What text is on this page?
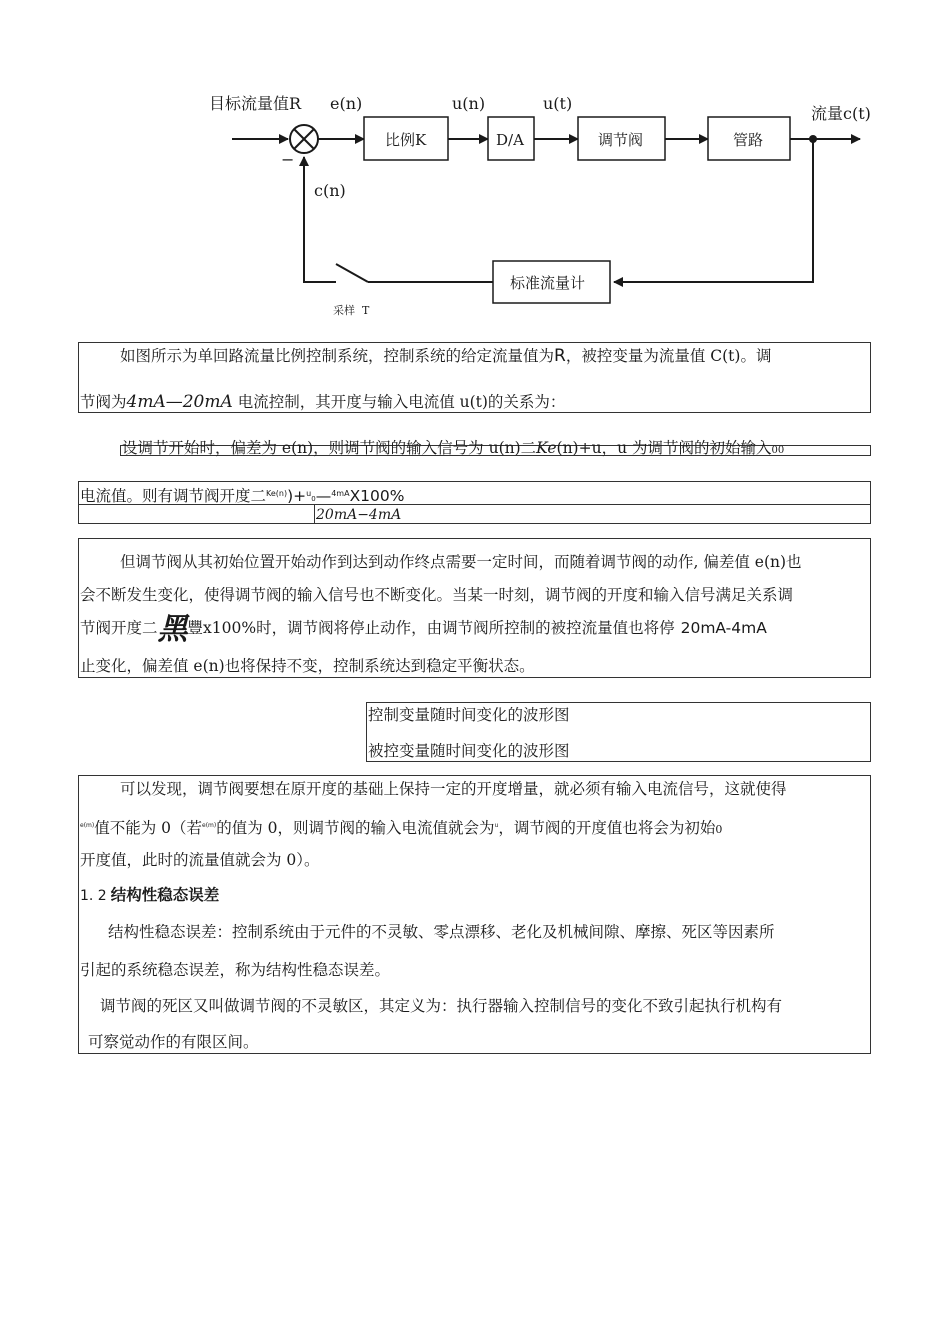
目标流量值R e(n)	u(n)	u(t)
流量c(t)
−
c(n)
比例K	D/A	调节阀	管路
标准流量计
采样  T
如图所示为单回路流量比例控制系统，控制系统的给定流量值为R，被控变量为流量值 C(t)。调
节阀为4mA—20mA 电流控制，其开度与输入电流值 u(t)的关系为：
设调节开始时，偏差为 e(n)，则调节阀的输入信号为 u(n)二Ke(n)+u，u 为调节阀的初始输入00
电流值。则有调节阀开度二$^{Ke(n)}$)+$^u$0—$^{4mA}$X100%
20mA−4mA
但调节阀从其初始位置开始动作到达到动作终点需要一定时间，而随着调节阀的动作, 偏差值 e(n)也
会不断发生变化，使得调节阀的输入信号也不断变化。当某一时刻，调节阀的开度和输入信号满足关系调
节阀开度二黑豐x100%时，调节阀将停止动作，由调节阀所控制的被控流量值也将停 20mA-4mA
止变化，偏差值 e(n)也将保持不变，控制系统达到稳定平衡状态。
控制变量随时间变化的波形图
被控变量随时间变化的波形图
可以发现，调节阀要想在原开度的基础上保持一定的开度增量，就必须有输入电流信号，这就使得
$^{e(m)}$值不能为 0（若$^{e(m)}$的值为 0，则调节阀的输入电流值就会为$^u$，调节阀的开度值也将会为初始0
开度值，此时的流量值就会为 0）。
1. 2 结构性稳态误差
结构性稳态误差：控制系统由于元件的不灵敏、零点漂移、老化及机械间隙、摩擦、死区等因素所
引起的系统稳态误差，称为结构性稳态误差。
调节阀的死区又叫做调节阀的不灵敏区，其定义为：执行器输入控制信号的变化不致引起执行机构有
可察觉动作的有限区间。
